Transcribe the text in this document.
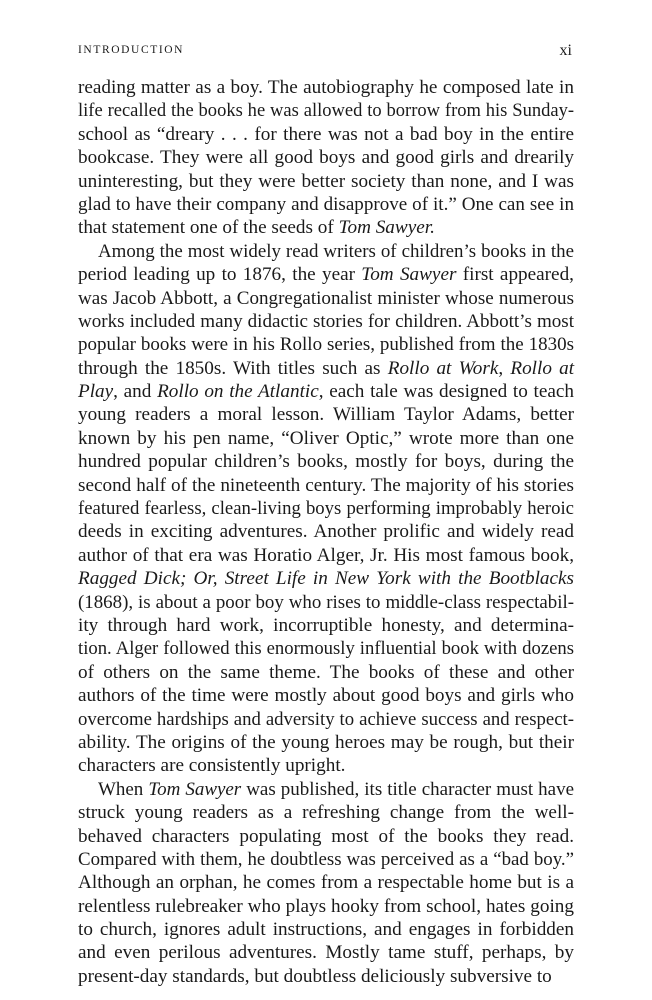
INTRODUCTION	xi
reading matter as a boy. The autobiography he composed late in
life recalled the books he was allowed to borrow from his Sunday-
school as “dreary . . . for there was not a bad boy in the entire
bookcase. They were all good boys and good girls and drearily
uninteresting, but they were better society than none, and I was
glad to have their company and disapprove of it.” One can see in
that statement one of the seeds of Tom Sawyer.
Among the most widely read writers of children’s books in the
period leading up to 1876, the year Tom Sawyer first appeared,
was Jacob Abbott, a Congregationalist minister whose numerous
works included many didactic stories for children. Abbott’s most
popular books were in his Rollo series, published from the 1830s
through the 1850s. With titles such as Rollo at Work, Rollo at
Play, and Rollo on the Atlantic, each tale was designed to teach
young readers a moral lesson. William Taylor Adams, better
known by his pen name, “Oliver Optic,” wrote more than one
hundred popular children’s books, mostly for boys, during the
second half of the nineteenth century. The majority of his stories
featured fearless, clean-living boys performing improbably heroic
deeds in exciting adventures. Another prolific and widely read
author of that era was Horatio Alger, Jr. His most famous book,
Ragged Dick; Or, Street Life in New York with the Bootblacks
(1868), is about a poor boy who rises to middle-class respectabil-
ity through hard work, incorruptible honesty, and determina-
tion. Alger followed this enormously influential book with dozens
of others on the same theme. The books of these and other
authors of the time were mostly about good boys and girls who
overcome hardships and adversity to achieve success and respect-
ability. The origins of the young heroes may be rough, but their
characters are consistently upright.
When Tom Sawyer was published, its title character must have
struck young readers as a refreshing change from the well-
behaved characters populating most of the books they read.
Compared with them, he doubtless was perceived as a “bad boy.”
Although an orphan, he comes from a respectable home but is a
relentless rulebreaker who plays hooky from school, hates going
to church, ignores adult instructions, and engages in forbidden
and even perilous adventures. Mostly tame stuff, perhaps, by
present-day standards, but doubtless deliciously subversive to
